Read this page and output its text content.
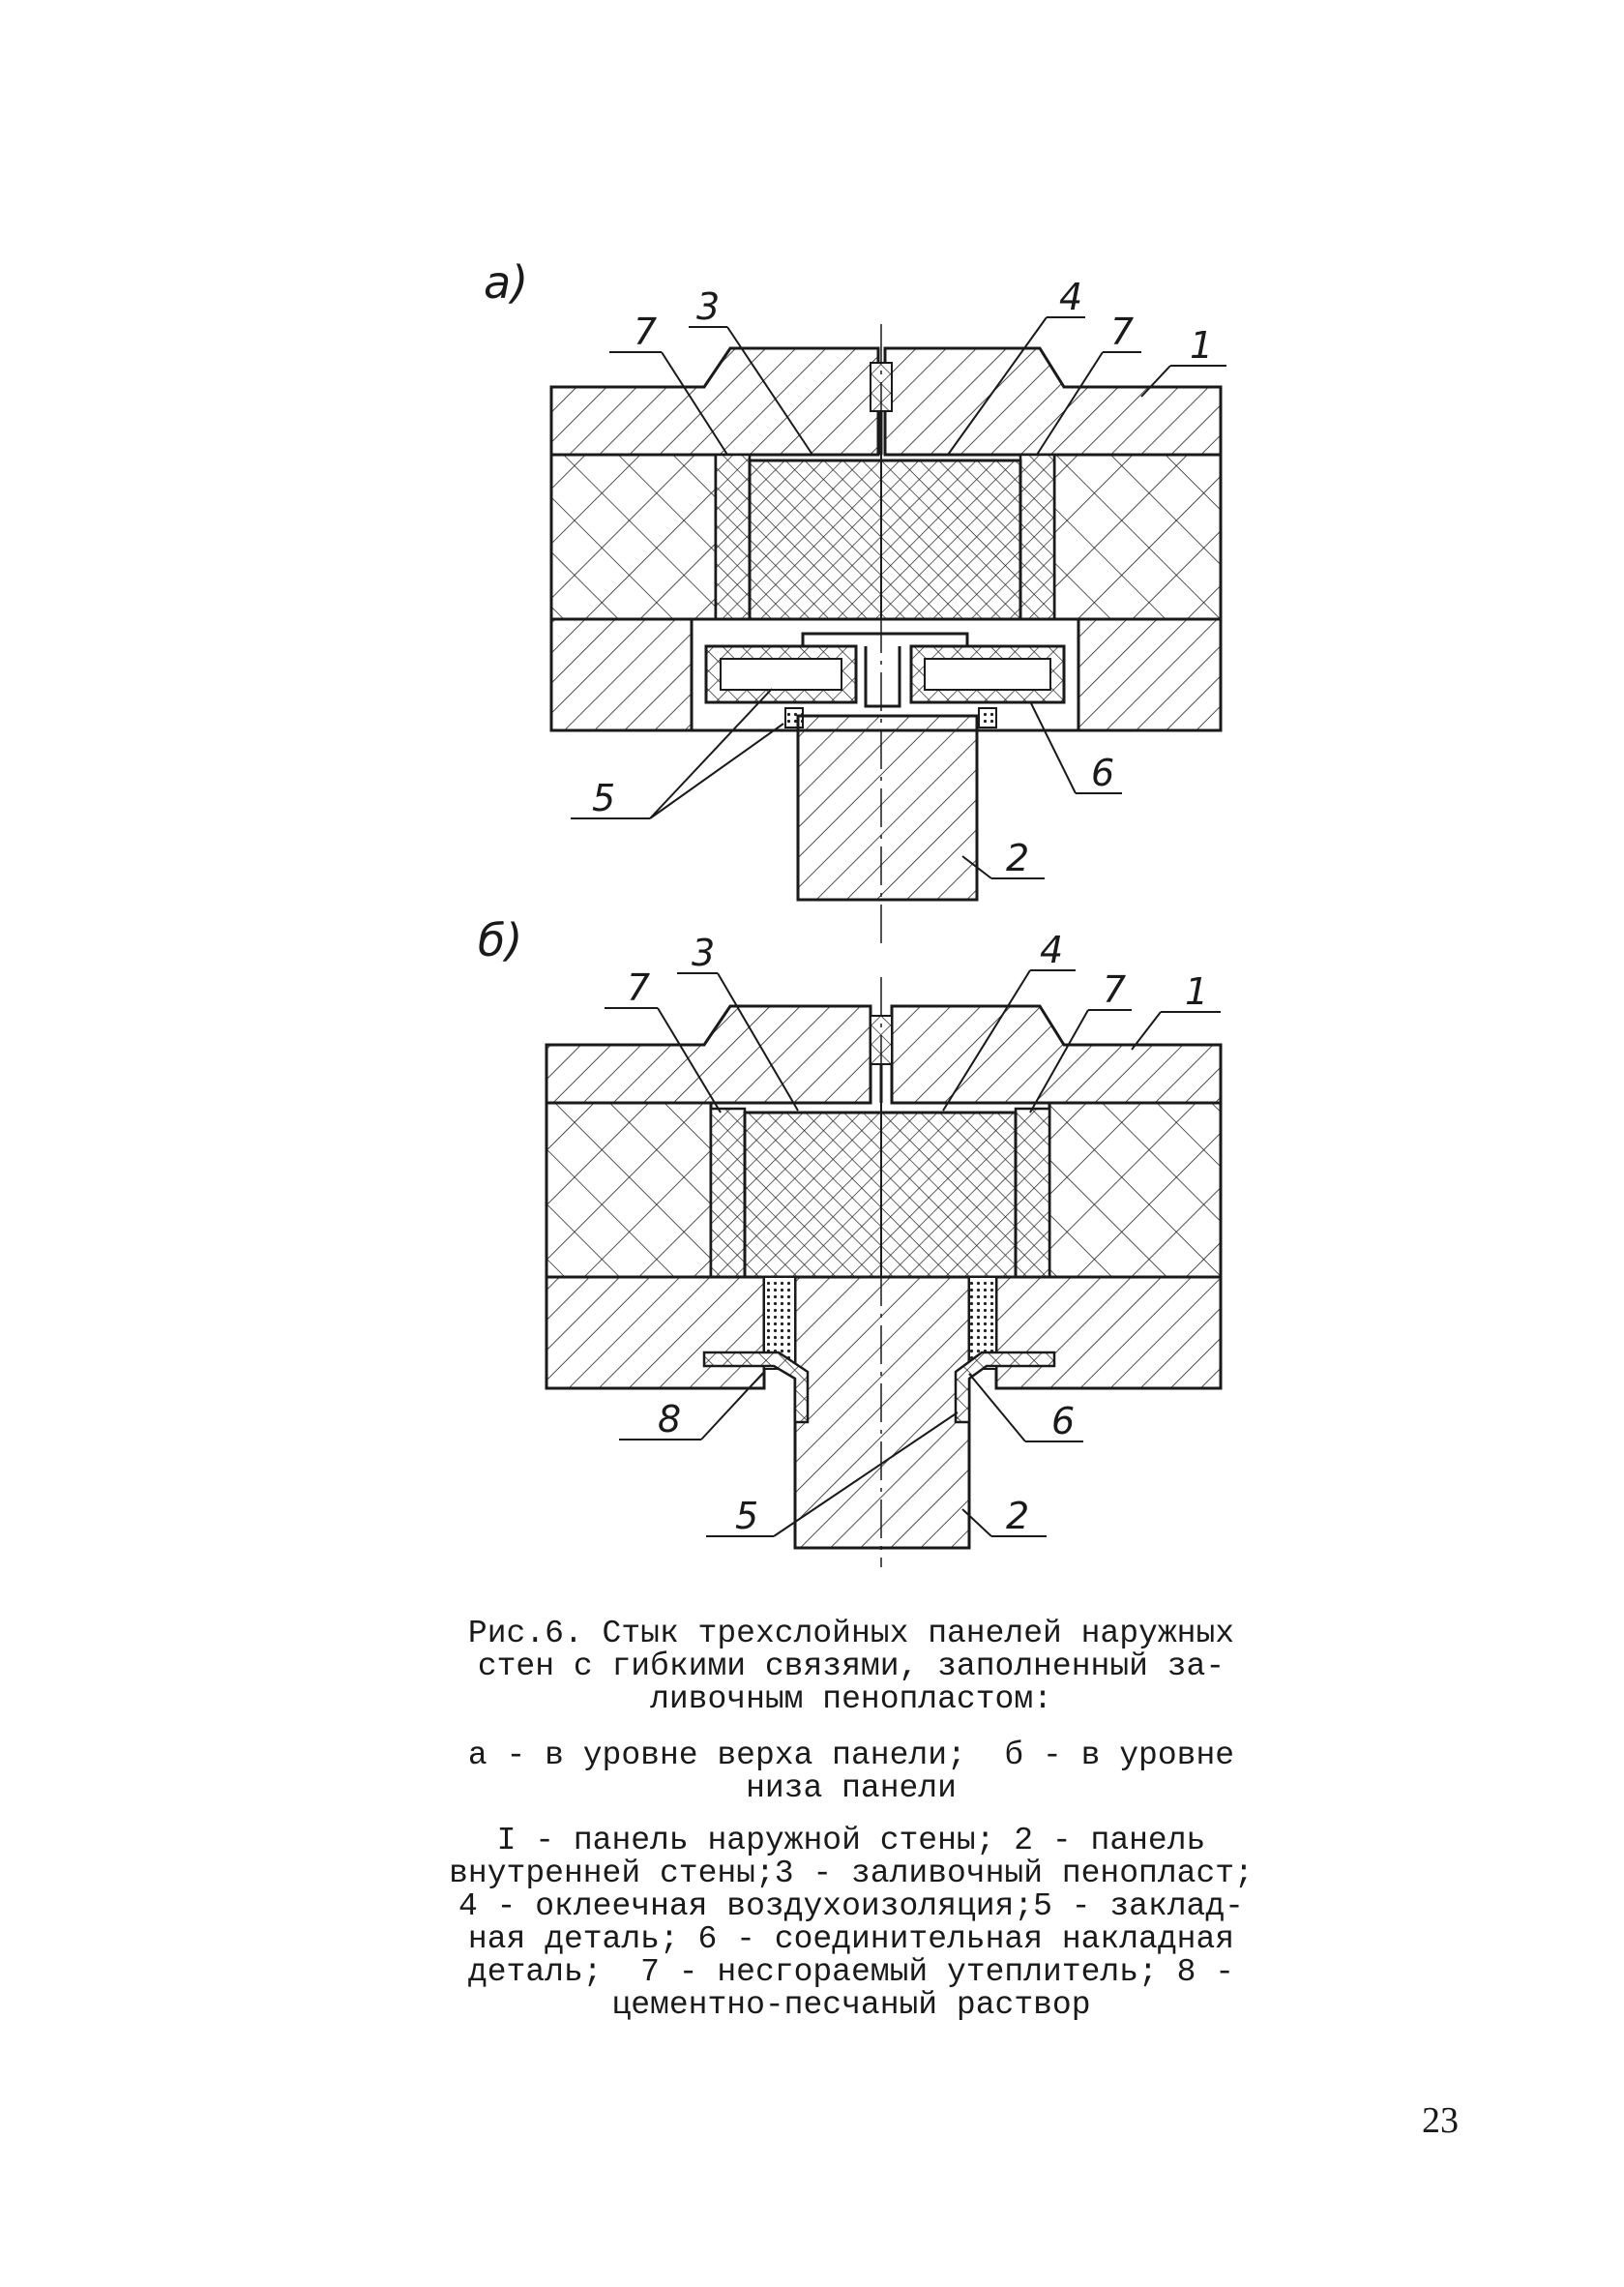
а)	3	4
7	7 1
5
6
2
б)	3	4
7	7 1
8	6
5	2
Рис.6. Стык трехслойных панелей наружных
стен с гибкими связями, заполненный за-
ливочным пенопластом:
а - в уровне верха панели;  б - в уровне
низа панели
I - панель наружной стены; 2 - панель
внутренней стены;3 - заливочный пенопласт;
4 - оклеечная воздухоизоляция;5 - заклад-
ная деталь; 6 - соединительная накладная
деталь;  7 - несгораемый утеплитель; 8 -
цементно-песчаный раствор
23
